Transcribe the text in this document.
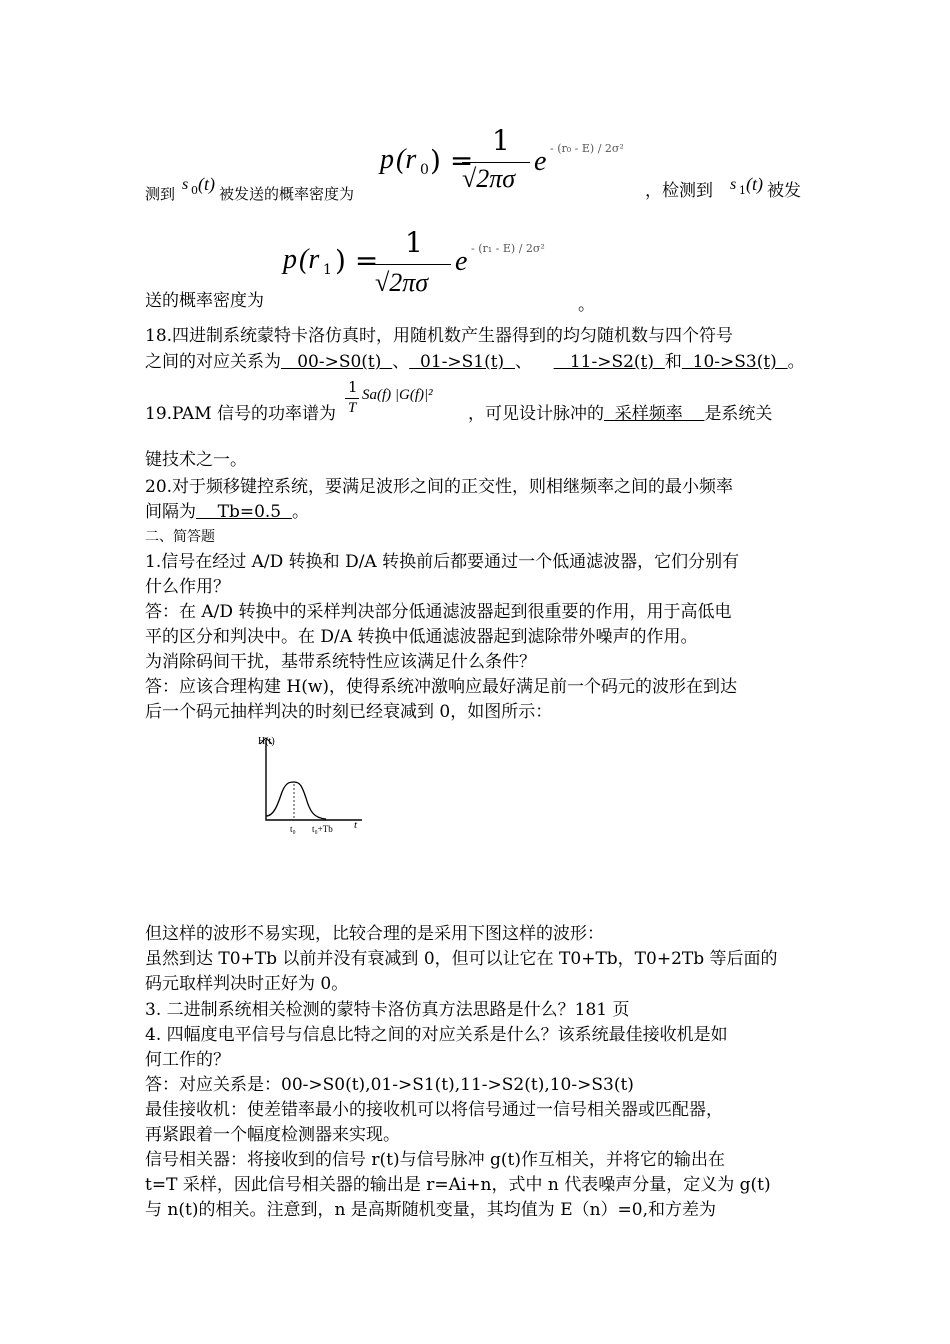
p (r 0 ) =
1
√2πσ
e - (r₀ - E) / 2σ²
测到
s 0 (t) 被发送的概率密度为	，检测到 s 1 (t) 被发
p (r 1 ) =
1
√2πσ
e - (r₁ - E) / 2σ²
送的概率密度为	。
18.四进制系统蒙特卡洛仿真时，用随机数产生器得到的均匀随机数与四个符号
之间的对应关系为   00->S0(t)  、  01->S1(t)  、       11->S2(t)  和  10->S3(t)  。
19.PAM 信号的功率谱为
1
T
Sa(f) |G(f)|²
，可见设计脉冲的  采样频率    是系统关
键技术之一。
20.对于频移键控系统，要满足波形之间的正交性，则相继频率之间的最小频率
间隔为    Tb=0.5  。
二、简答题
1.信号在经过 A/D 转换和 D/A 转换前后都要通过一个低通滤波器，它们分别有
什么作用？
答：在 A/D 转换中的采样判决部分低通滤波器起到很重要的作用，用于高低电
平的区分和判决中。在 D/A 转换中低通滤波器起到滤除带外噪声的作用。
为消除码间干扰，基带系统特性应该满足什么条件？
答：应该合理构建 H(w)，使得系统冲激响应最好满足前一个码元的波形在到达
后一个码元抽样判决的时刻已经衰减到 0，如图所示：
H(t)
t
t₀ t₀+Tb
但这样的波形不易实现，比较合理的是采用下图这样的波形：
虽然到达 T0+Tb 以前并没有衰减到 0，但可以让它在 T0+Tb，T0+2Tb 等后面的
码元取样判决时正好为 0。
3. 二进制系统相关检测的蒙特卡洛仿真方法思路是什么？181 页
4. 四幅度电平信号与信息比特之间的对应关系是什么？该系统最佳接收机是如
何工作的？
答：对应关系是：00->S0(t),01->S1(t),11->S2(t),10->S3(t)
最佳接收机：使差错率最小的接收机可以将信号通过一信号相关器或匹配器，
再紧跟着一个幅度检测器来实现。
信号相关器：将接收到的信号 r(t)与信号脉冲 g(t)作互相关，并将它的输出在
t=T 采样，因此信号相关器的输出是 r=Ai+n，式中 n 代表噪声分量，定义为 g(t)
与 n(t)的相关。注意到，n 是高斯随机变量，其均值为 E（n）=0,和方差为
